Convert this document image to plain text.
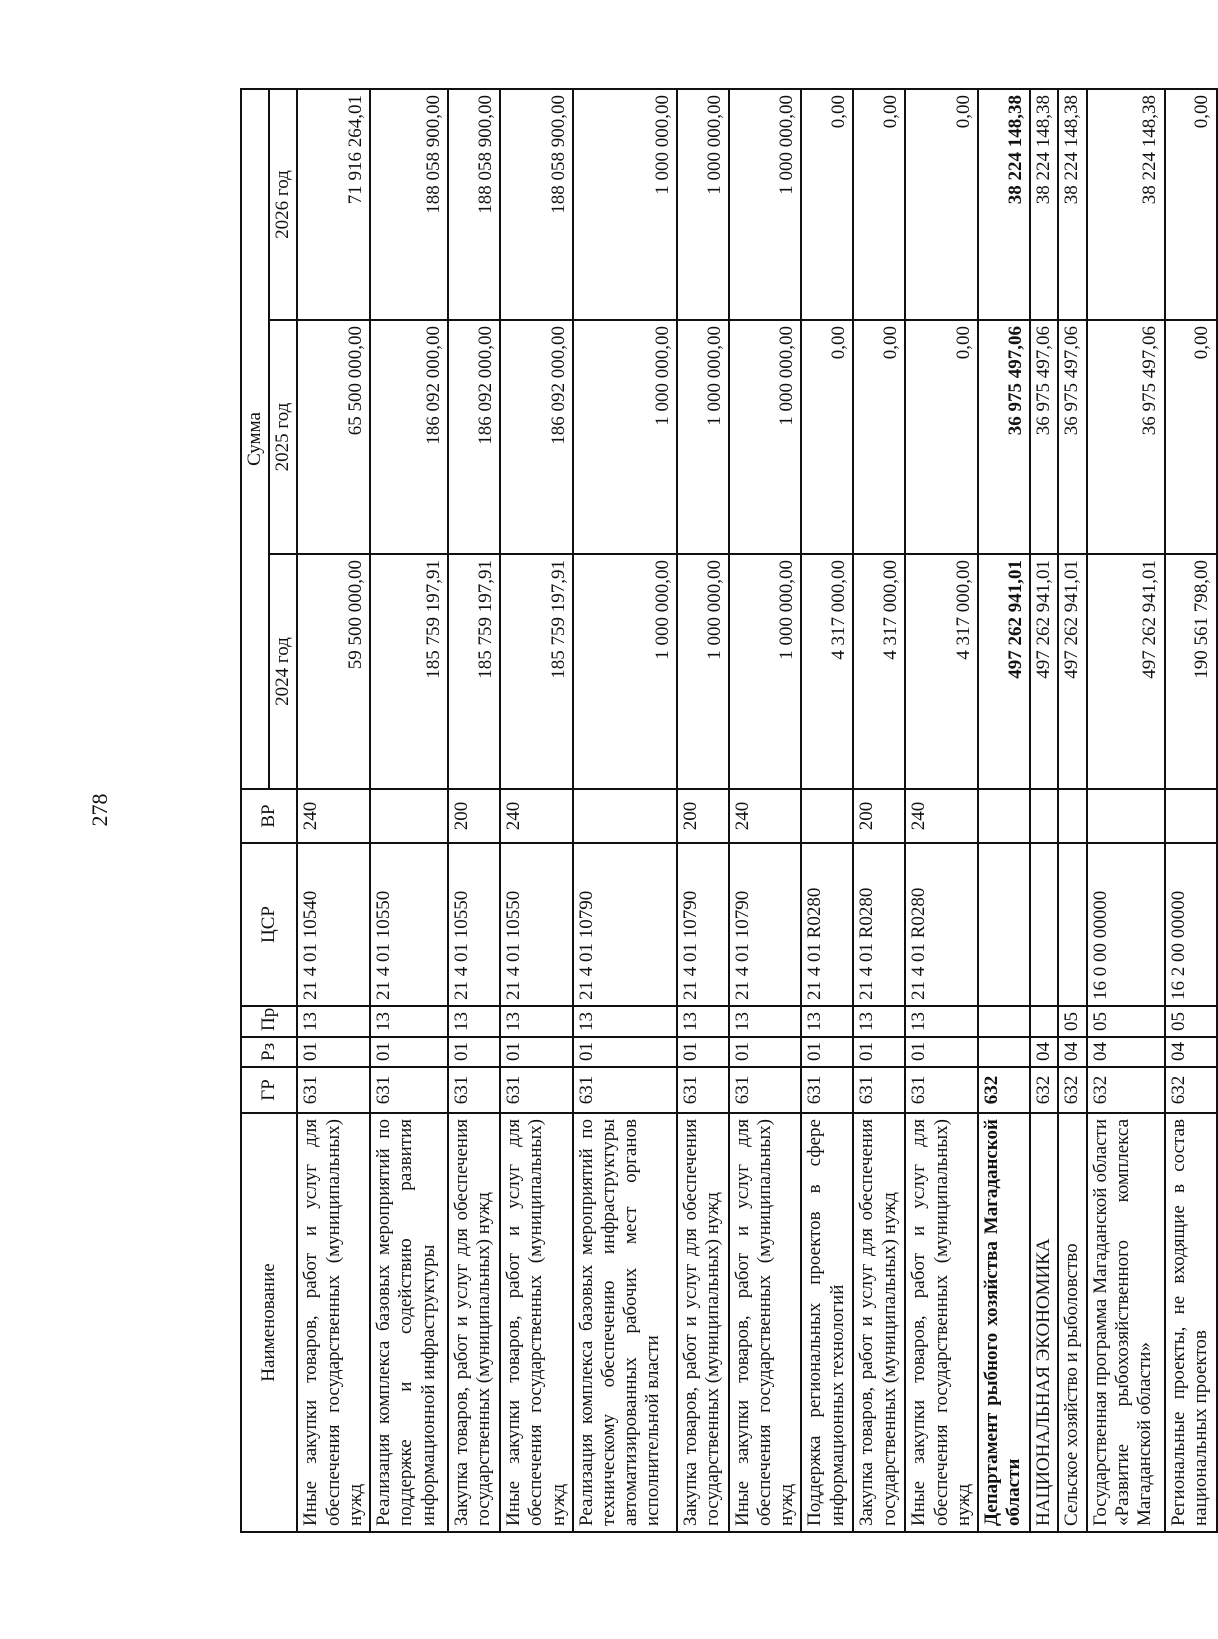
278
Наименование	ГР	Рз	Пр	ЦСР	ВР	Сумма		
						2024 год	2025 год	2026 год
Иные закупки товаров, работ и услуг для обеспечения государственных (муниципальных) нужд	631	01	13	21 4 01 10540	240	59 500 000,00	65 500 000,00	71 916 264,01
Реализация комплекса базовых мероприятий по поддержке и содействию развития информационной инфраструктуры	631	01	13	21 4 01 10550		185 759 197,91	186 092 000,00	188 058 900,00
Закупка товаров, работ и услуг для обеспечения государственных (муниципальных) нужд	631	01	13	21 4 01 10550	200	185 759 197,91	186 092 000,00	188 058 900,00
Иные закупки товаров, работ и услуг для обеспечения государственных (муниципальных) нужд	631	01	13	21 4 01 10550	240	185 759 197,91	186 092 000,00	188 058 900,00
Реализация комплекса базовых мероприятий по техническому обеспечению инфраструктуры автоматизированных рабочих мест органов исполнительной власти	631	01	13	21 4 01 10790		1 000 000,00	1 000 000,00	1 000 000,00
Закупка товаров, работ и услуг для обеспечения государственных (муниципальных) нужд	631	01	13	21 4 01 10790	200	1 000 000,00	1 000 000,00	1 000 000,00
Иные закупки товаров, работ и услуг для обеспечения государственных (муниципальных) нужд	631	01	13	21 4 01 10790	240	1 000 000,00	1 000 000,00	1 000 000,00
Поддержка региональных проектов в сфере информационных технологий	631	01	13	21 4 01 R0280		4 317 000,00	0,00	0,00
Закупка товаров, работ и услуг для обеспечения государственных (муниципальных) нужд	631	01	13	21 4 01 R0280	200	4 317 000,00	0,00	0,00
Иные закупки товаров, работ и услуг для обеспечения государственных (муниципальных) нужд	631	01	13	21 4 01 R0280	240	4 317 000,00	0,00	0,00
Департамент рыбного хозяйства Магаданской области	632					497 262 941,01	36 975 497,06	38 224 148,38
НАЦИОНАЛЬНАЯ ЭКОНОМИКА	632	04				497 262 941,01	36 975 497,06	38 224 148,38
Сельское хозяйство и рыболовство	632	04	05			497 262 941,01	36 975 497,06	38 224 148,38
Государственная программа Магаданской области «Развитие рыбохозяйственного комплекса Магаданской области»	632	04	05	16 0 00 00000		497 262 941,01	36 975 497,06	38 224 148,38
Региональные проекты, не входящие в состав национальных проектов	632	04	05	16 2 00 00000		190 561 798,00	0,00	0,00
